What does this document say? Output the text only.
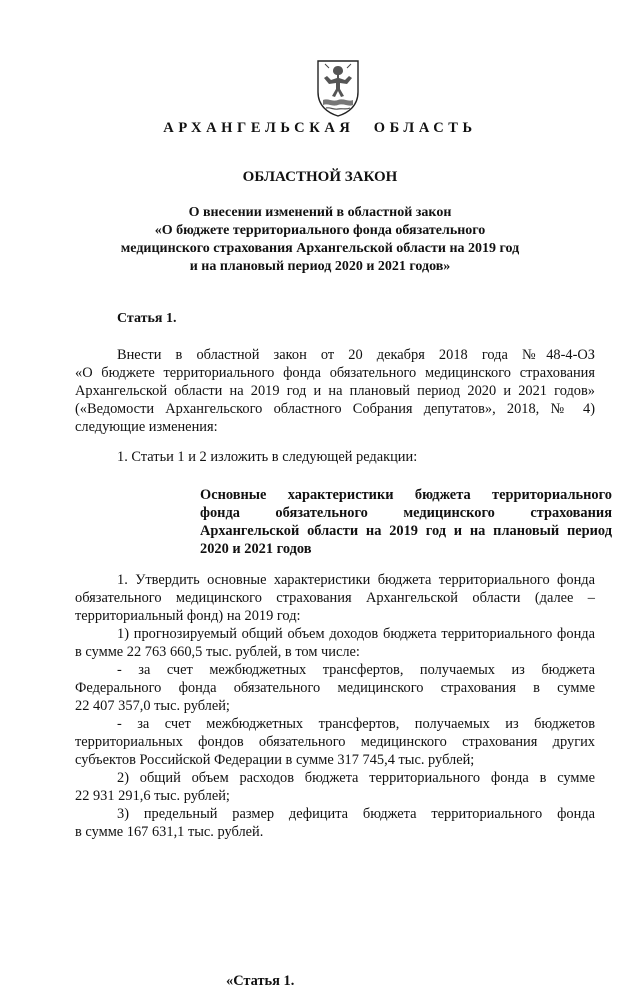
АРХАНГЕЛЬСКАЯ ОБЛАСТЬ
ОБЛАСТНОЙ ЗАКОН
О внесении изменений в областной закон
«О бюджете территориального фонда обязательного
медицинского страхования Архангельской области на 2019 год
и на плановый период 2020 и 2021 годов»
Статья 1.
Внести в областной закон от 20 декабря 2018 года №48-4-ОЗ
«О бюджете территориального фонда обязательного медицинского страхования
Архангельской области на 2019 год и на плановый период 2020 и 2021 годов»
(«Ведомости Архангельского областного Собрания депутатов», 2018, № 4)
следующие изменения:
1. Статьи 1 и 2 изложить в следующей редакции:
«Статья 1.
Основные характеристики бюджета территориального
фонда обязательного медицинского страхования
Архангельской области на 2019 год и на плановый период
2020 и 2021 годов
1. Утвердить основные характеристики бюджета территориального фонда
обязательного медицинского страхования Архангельской области (далее –
территориальный фонд) на 2019 год:
1) прогнозируемый общий объем доходов бюджета территориального фонда
в сумме 22 763 660,5 тыс. рублей, в том числе:
- за счет межбюджетных трансфертов, получаемых из бюджета
Федерального фонда обязательного медицинского страхования в сумме
22 407 357,0 тыс. рублей;
- за счет межбюджетных трансфертов, получаемых из бюджетов
территориальных фондов обязательного медицинского страхования других
субъектов Российской Федерации в сумме 317 745,4 тыс. рублей;
2) общий объем расходов бюджета территориального фонда в сумме
22 931 291,6 тыс. рублей;
3) предельный размер дефицита бюджета территориального фонда
в сумме 167 631,1 тыс. рублей.
